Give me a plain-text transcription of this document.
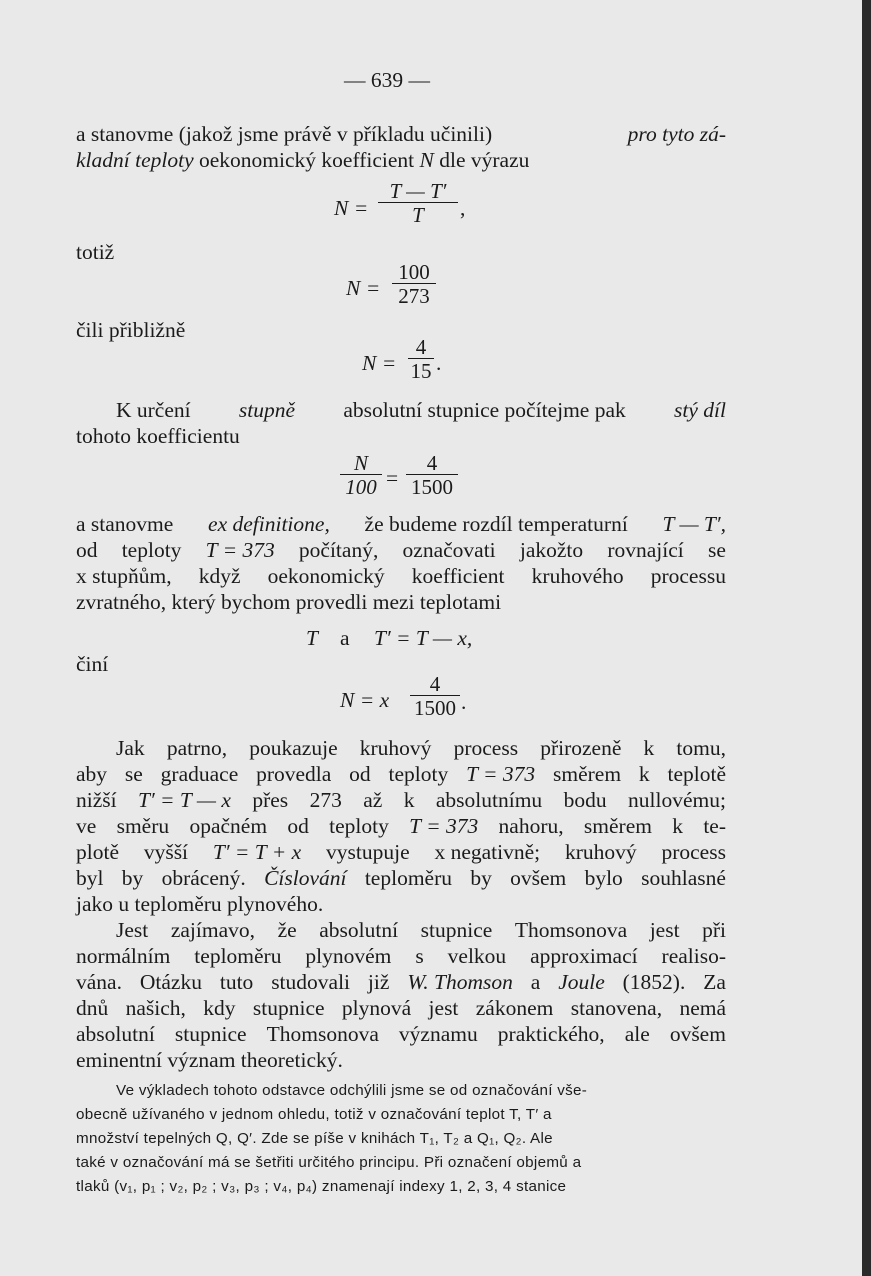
— 639 —
a stanovme (jakož jsme právě v příkladu učinili)	pro tyto zá-
kladní teploty oekonomický koefficient N dle výrazu
$N = \frac{T — T'}{T}$ ,
totiž
$N = \frac{100}{273}$
čili přibližně
$N = \frac{4}{15}$ .
K určení stupně absolutní stupnice počítejme pak stý díl
tohoto koefficientu
$\frac{N}{100} = \frac{4}{1500}$
a stanovme ex definitione, že budeme rozdíl temperaturní T — T′,
od teploty T = 373 počítaný, označovati jakožto rovnající se
x stupňům, když oekonomický koefficient kruhového processu
zvratného, který bychom provedli mezi teplotami
T a T′ = T — x,
činí
N = x $\frac{4}{1500}$ .
Jak patrno, poukazuje kruhový process přirozeně k tomu,
aby se graduace provedla od teploty T = 373 směrem k teplotě
nižší T′ = T — x přes 273 až k absolutnímu bodu nullovému;
ve směru opačném od teploty T = 373 nahoru, směrem k te-
plotě vyšší T′ = T + x vystupuje x negativně; kruhový process
byl by obrácený. Číslování teploměru by ovšem bylo souhlasné
jako u teploměru plynového.
Jest zajímavo, že absolutní stupnice Thomsonova jest při
normálním teploměru plynovém s velkou approximací realiso-
vána. Otázku tuto studovali již W. Thomson a Joule (1852). Za
dnů našich, kdy stupnice plynová jest zákonem stanovena, nemá
absolutní stupnice Thomsonova významu praktického, ale ovšem
eminentní význam theoretický.
Ve výkladech tohoto odstavce odchýlili jsme se od označování vše-
obecně užívaného v jednom ohledu, totiž v označování teplot T, T′ a
množství tepelných Q, Q′. Zde se píše v knihách T₁, T₂ a Q₁, Q₂. Ale
také v označování má se šetřiti určitého principu. Při označení objemů a
tlaků (v₁, p₁ ; v₂, p₂ ; v₃, p₃ ; v₄, p₄) znamenají indexy 1, 2, 3, 4 stanice
